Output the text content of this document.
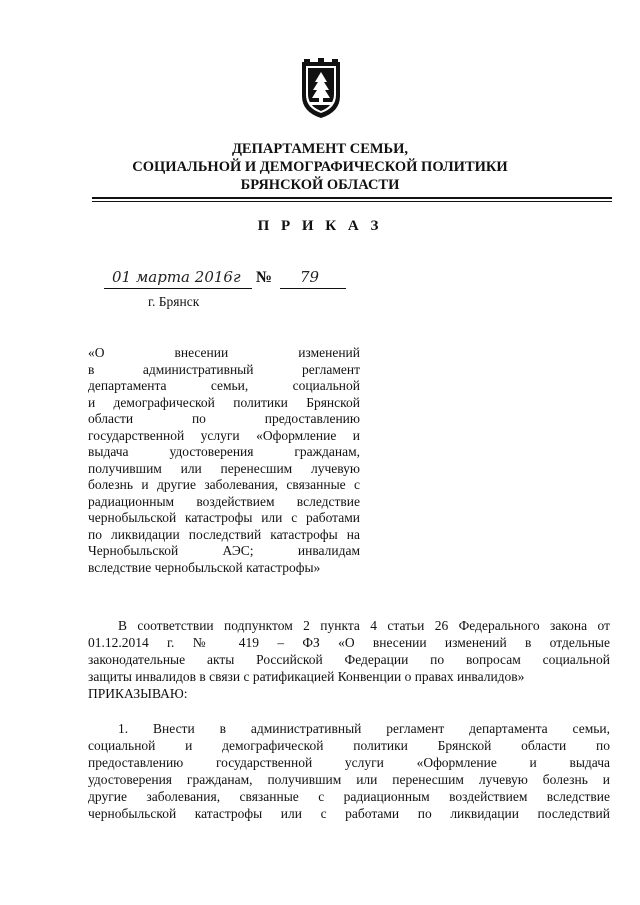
ДЕПАРТАМЕНТ СЕМЬИ,
СОЦИАЛЬНОЙ И ДЕМОГРАФИЧЕСКОЙ ПОЛИТИКИ
БРЯНСКОЙ ОБЛАСТИ
П Р И К А З
01 марта 2016г № 79
г. Брянск
«О внесении изменений
в административный регламент
департамента семьи, социальной
и демографической политики Брянской
области по предоставлению
государственной услуги «Оформление и
выдача удостоверения гражданам,
получившим или перенесшим лучевую
болезнь и другие заболевания, связанные с
радиационным воздействием вследствие
чернобыльской катастрофы или с работами
по ликвидации последствий катастрофы на
Чернобыльской АЭС; инвалидам
вследствие чернобыльской катастрофы»
В соответствии подпунктом 2 пункта 4 статьи 26 Федерального закона от
01.12.2014 г. № 419 – ФЗ «О внесении изменений в отдельные
законодательные акты Российской Федерации по вопросам социальной
защиты инвалидов в связи с ратификацией Конвенции о правах инвалидов»
ПРИКАЗЫВАЮ:
1. Внести в административный регламент департамента семьи,
социальной и демографической политики Брянской области по
предоставлению государственной услуги «Оформление и выдача
удостоверения гражданам, получившим или перенесшим лучевую болезнь и
другие заболевания, связанные с радиационным воздействием вследствие
чернобыльской катастрофы или с работами по ликвидации последствий
